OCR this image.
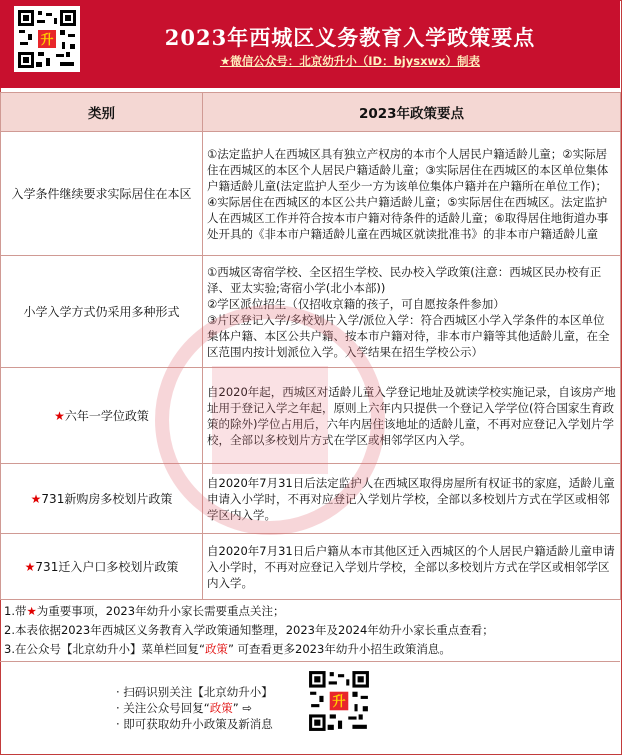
升	2023年西城区义务教育入学政策要点
★微信公众号：北京幼升小（ID：bjysxwx）制表
类别	2023年政策要点
入学条件继续要求实际居住在本区	①法定监护人在西城区具有独立产权房的本市个人居民户籍适龄儿童；②实际居住在西城区的本区个人居民户籍适龄儿童；③实际居住在西城区的本区单位集体户籍适龄儿童(法定监护人至少一方为该单位集体户籍并在户籍所在单位工作)；④实际居住在西城区的本区公共户籍适龄儿童；⑤实际居住在西城区。法定监护人在西城区工作并符合按本市户籍对待条件的适龄儿童；⑥取得居住地街道办事处开具的《非本市户籍适龄儿童在西城区就读批准书》的非本市户籍适龄儿童
小学入学方式仍采用多种形式	①西城区寄宿学校、全区招生学校、民办校入学政策(注意：西城区民办校有正泽、亚太实验;寄宿小学(北小本部))
②学区派位招生（仅招收京籍的孩子，可自愿按条件参加）
③片区登记入学/多校划片入学/派位入学：符合西城区小学入学条件的本区单位集体户籍、本区公共户籍、按本市户籍对待，非本市户籍等其他适龄儿童，在全区范围内按计划派位入学。入学结果在招生学校公示）
★六年一学位政策	自2020年起，西城区对适龄儿童入学登记地址及就读学校实施记录，自该房产地址用于登记入学之年起，原则上六年内只提供一个登记入学学位(符合国家生育政策的除外)学位占用后，六年内居住该地址的适龄儿童，不再对应登记入学划片学校，全部以多校划片方式在学区或相邻学区内入学。
★731新购房多校划片政策	自2020年7月31日后法定监护人在西城区取得房屋所有权证书的家庭，适龄儿童申请入小学时，不再对应登记入学划片学校，全部以多校划片方式在学区或相邻学区内入学。
★731迁入户口多校划片政策	自2020年7月31日后户籍从本市其他区迁入西城区的个人居民户籍适龄儿童申请入小学时，不再对应登记入学划片学校，全部以多校划片方式在学区或相邻学区内入学。
1.带★为重要事项，2023年幼升小家长需要重点关注；
2.本表依据2023年西城区义务教育入学政策通知整理，2023年及2024年幼升小家长重点查看；
3.在公众号【北京幼升小】菜单栏回复“政策” 可查看更多2023年幼升小招生政策消息。
· 扫码识别关注【北京幼升小】
· 关注公众号回复“政策” ⇨
· 即可获取幼升小政策及新消息
升
